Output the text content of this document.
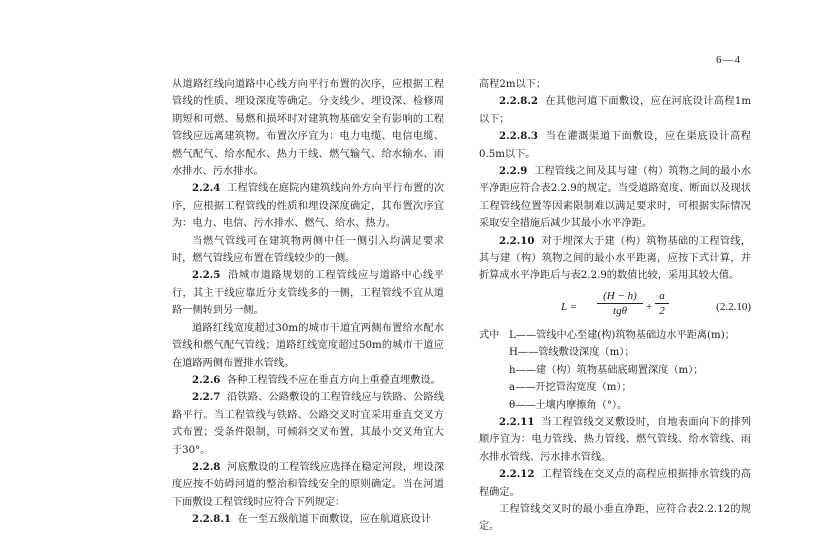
6—4

从道路红线向道路中心线方向平行布置的次序，应根据工程管线的性质、埋设深度等确定。分支线少、埋设深、检修周期短和可燃、易燃和损坏时对建筑物基础安全有影响的工程管线应远离建筑物。布置次序宜为：电力电缆、电信电缆、燃气配气、给水配水、热力干线、燃气输气、给水输水、雨水排水、污水排水。

2.2.4 工程管线在庭院内建筑线向外方向平行布置的次序，应根据工程管线的性质和埋设深度确定，其布置次序宜为：电力、电信、污水排水、燃气、给水、热力。

当燃气管线可在建筑物两侧中任一侧引入均满足要求时，燃气管线应布置在管线较少的一侧。

2.2.5 沿城市道路规划的工程管线应与道路中心线平行，其主干线应靠近分支管线多的一侧，工程管线不宜从道路一侧转到另一侧。

道路红线宽度超过30m的城市干道宜两侧布置给水配水管线和燃气配气管线；道路红线宽度超过50m的城市干道应在道路两侧布置排水管线。

2.2.6 各种工程管线不应在垂直方向上重叠直埋敷设。

2.2.7 沿铁路、公路敷设的工程管线应与铁路、公路线路平行。当工程管线与铁路、公路交叉时宜采用垂直交叉方式布置；受条件限制，可倾斜交叉布置，其最小交叉角宜大于30°。

2.2.8 河底敷设的工程管线应选择在稳定河段，埋设深度应按不妨碍河道的整治和管线安全的原则确定。当在河道下面敷设工程管线时应符合下列规定：

2.2.8.1 在一至五级航道下面敷设，应在航道底设计

高程2m以下；

2.2.8.2 在其他河道下面敷设，应在河底设计高程1m以下；

2.2.8.3 当在灌溉渠道下面敷设，应在渠底设计高程0.5m以下。

2.2.9 工程管线之间及其与建（构）筑物之间的最小水平净距应符合表2.2.9的规定。当受道路宽度、断面以及现状工程管线位置等因素限制难以满足要求时，可根据实际情况采取安全措施后减少其最小水平净距。

2.2.10 对于埋深大于建（构）筑物基础的工程管线，其与建（构）筑物之间的最小水平距离，应按下式计算，并折算成水平净距后与表2.2.9的数值比较，采用其较大值。

L =
(H − h)
tgθ	+ $\frac{a}{2}$	(2.2.10)
式中 L——管线中心至建(构)筑物基础边水平距离(m)；
H——管线敷设深度（m）；
h——建（构）筑物基础底砌置深度（m）；
a——开挖管沟宽度（m）；
θ——土壤内摩擦角（°）。

2.2.11 当工程管线交叉敷设时，自地表面向下的排列顺序宜为：电力管线、热力管线、燃气管线、给水管线、雨水排水管线、污水排水管线。

2.2.12 工程管线在交叉点的高程应根据排水管线的高程确定。

工程管线交叉时的最小垂直净距，应符合表2.2.12的规定。
